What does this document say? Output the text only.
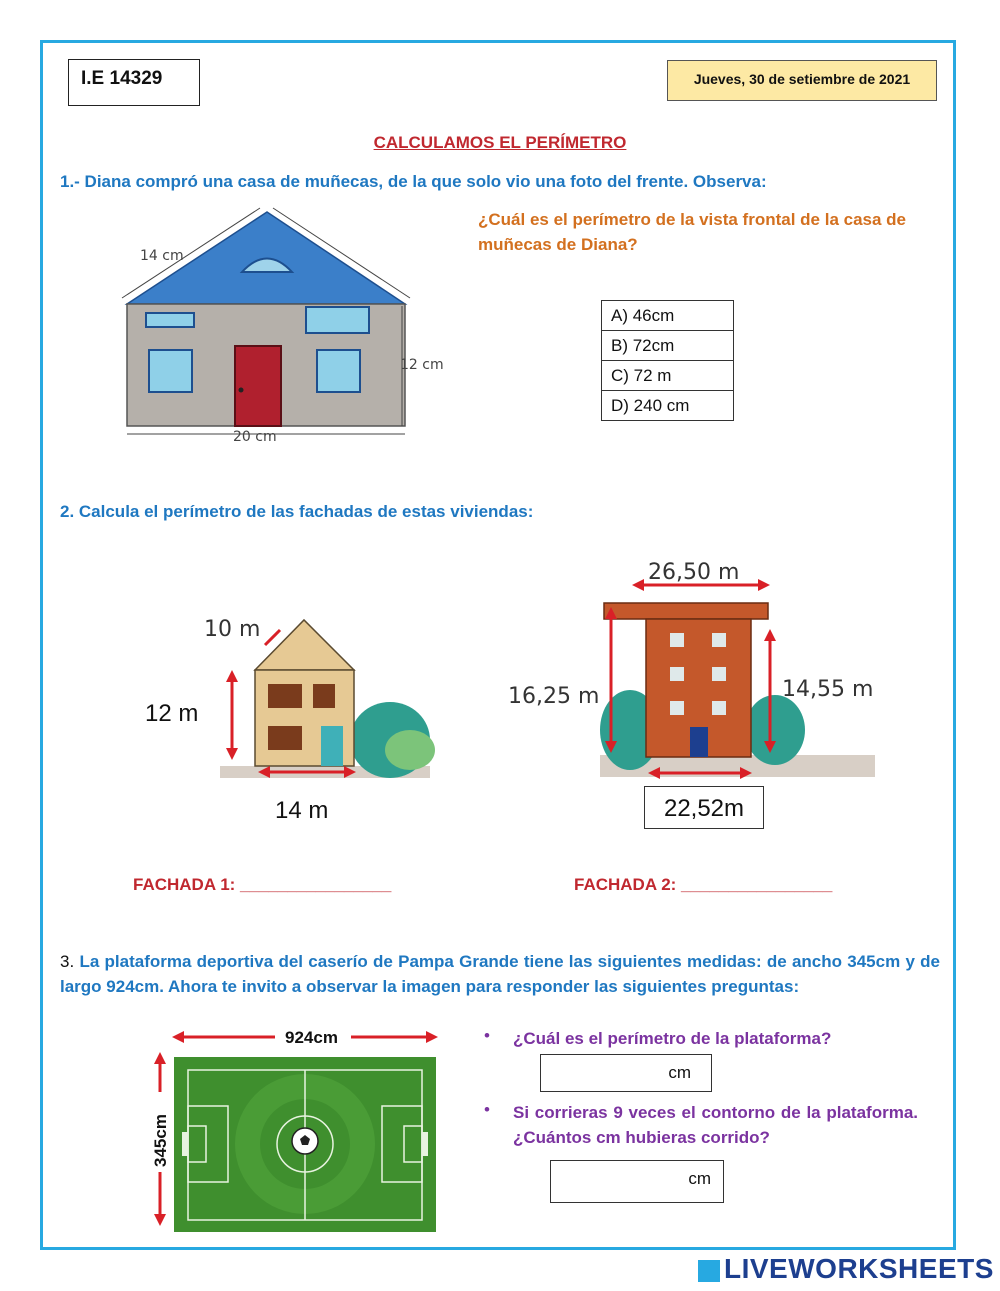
I.E 14329	Jueves, 30 de setiembre de 2021
CALCULAMOS EL PERÍMETRO
1.- Diana compró una casa de muñecas, de la que solo vio una foto del frente. Observa:
14 cm
12 cm
20 cm
¿Cuál es el perímetro de la vista frontal de la casa de muñecas de Diana?
A) 46cm
B) 72cm
C) 72 m
D) 240 cm
2. Calcula el perímetro de las fachadas de estas viviendas:
10 m
12 m
14 m
26,50 m
16,25 m	14,55 m
22,52m
FACHADA 1: ________________	FACHADA 2: ________________
3. La plataforma deportiva del caserío de Pampa Grande tiene las siguientes medidas: de ancho 345cm y de largo 924cm. Ahora te invito a observar la imagen para responder las siguientes preguntas:
924cm
345cm
• ¿Cuál es el perímetro de la plataforma?
cm
• Si corrieras 9 veces el contorno de la plataforma. ¿Cuántos cm hubieras corrido?
cm
LIVEWORKSHEETS
